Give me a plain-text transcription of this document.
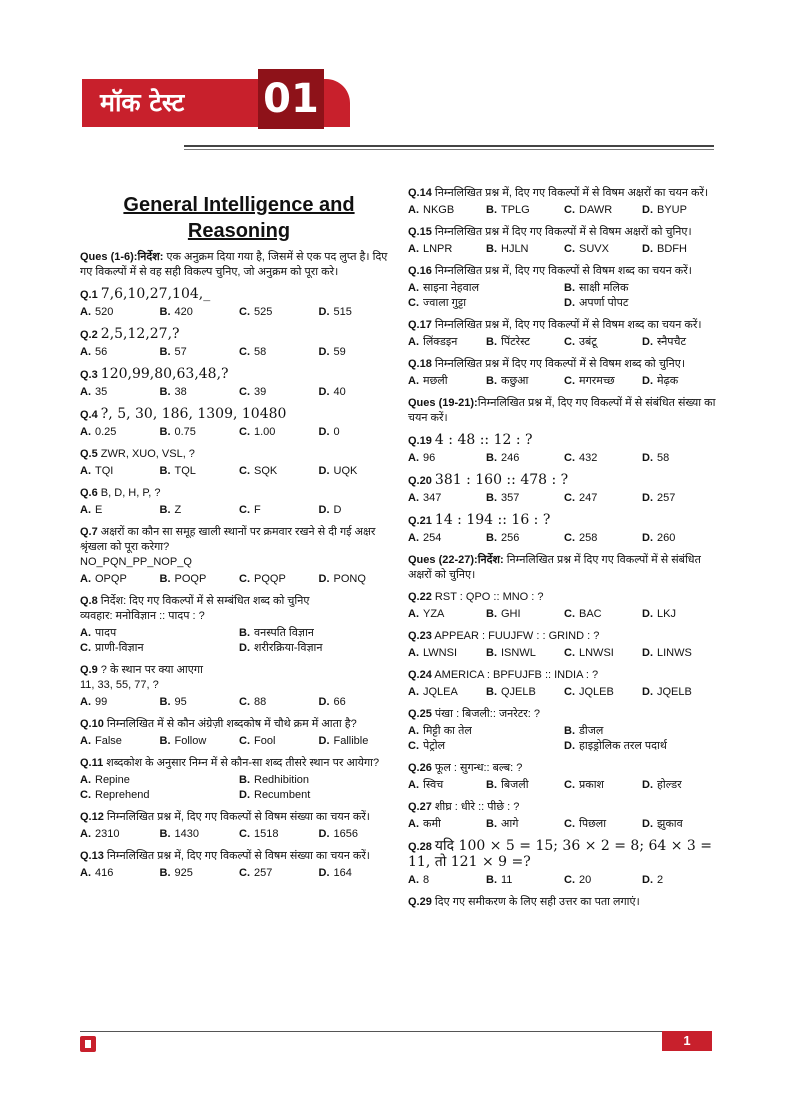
मॉक टेस्ट 01
General Intelligence and
Reasoning
Ques (1-6):निर्देश: एक अनुक्रम दिया गया है, जिसमें से एक पद लुप्त है। दिए गए विकल्पों में से वह सही विकल्प चुनिए, जो अनुक्रम को पूरा करे।
Q.1 7,6,10,27,104,_
A. 520	B. 420	C. 525	D. 515
Q.2 2,5,12,27,?
A. 56	B. 57	C. 58	D. 59
Q.3 120,99,80,63,48,?
A. 35	B. 38	C. 39	D. 40
Q.4 ?, 5, 30, 186, 1309, 10480
A. 0.25	B. 0.75	C. 1.00	D. 0
Q.5 ZWR, XUO, VSL, ?
A. TQI	B. TQL	C. SQK	D. UQK
Q.6 B, D, H, P, ?
A. E	B. Z	C. F	D. D
Q.7 अक्षरों का कौन सा समूह खाली स्थानों पर क्रमवार रखने से दी गई अक्षर श्रृंखला को पूरा करेगा?
NO_PQN_PP_NOP_Q
A. OPQP	B. POQP	C. PQQP	D. PONQ
Q.8 निर्देश: दिए गए विकल्पों में से सम्बंधित शब्द को चुनिए
व्यवहार: मनोविज्ञान :: पादप : ?
A. पादप	B. वनस्पति विज्ञान
C. प्राणी-विज्ञान	D. शरीरक्रिया-विज्ञान
Q.9 ? के स्थान पर क्या आएगा
11, 33, 55, 77, ?
A. 99	B. 95	C. 88	D. 66
Q.10 निम्नलिखित में से कौन अंग्रेज़ी शब्दकोष में चौथे क्रम में आता है?
A. False	B. Follow	C. Fool	D. Fallible
Q.11 शब्दकोश के अनुसार निम्न में से कौन-सा शब्द तीसरे स्थान पर आयेगा?
A. Repine	B. Redhibition
C. Reprehend	D. Recumbent
Q.12 निम्नलिखित प्रश्न में, दिए गए विकल्पों से विषम संख्या का चयन करें।
A. 2310	B. 1430	C. 1518	D. 1656
Q.13 निम्नलिखित प्रश्न में, दिए गए विकल्पों से विषम संख्या का चयन करें।
A. 416	B. 925	C. 257	D. 164
Q.14 निम्नलिखित प्रश्न में, दिए गए विकल्पों में से विषम अक्षरों का चयन करें।
A. NKGB	B. TPLG	C. DAWR	D. BYUP
Q.15 निम्नलिखित प्रश्न में दिए गए विकल्पों में से विषम अक्षरों को चुनिए।
A. LNPR	B. HJLN	C. SUVX	D. BDFH
Q.16 निम्नलिखित प्रश्न में, दिए गए विकल्पों से विषम शब्द का चयन करें।
A. साइना नेहवाल	B. साक्षी मलिक
C. ज्वाला गुट्टा	D. अपर्णा पोपट
Q.17 निम्नलिखित प्रश्न में, दिए गए विकल्पों में से विषम शब्द का चयन करें।
A. लिंक्डइन	B. पिंटरेस्ट	C. उबंटू	D. स्नैपचैट
Q.18 निम्नलिखित प्रश्न में दिए गए विकल्पों में से विषम शब्द को चुनिए।
A. मछली	B. कछुआ	C. मगरमच्छ	D. मेढ़क
Ques (19-21):निम्नलिखित प्रश्न में, दिए गए विकल्पों में से संबंधित संख्या का चयन करें।
Q.19 4 : 48 :: 12 : ?
A. 96	B. 246	C. 432	D. 58
Q.20 381 : 160 :: 478 : ?
A. 347	B. 357	C. 247	D. 257
Q.21 14 : 194 :: 16 : ?
A. 254	B. 256	C. 258	D. 260
Ques (22-27):निर्देश: निम्नलिखित प्रश्न में दिए गए विकल्पों में से संबंधित अक्षरों को चुनिए।
Q.22 RST : QPO :: MNO : ?
A. YZA	B. GHI	C. BAC	D. LKJ
Q.23 APPEAR : FUUJFW : : GRIND : ?
A. LWNSI	B. ISNWL	C. LNWSI	D. LINWS
Q.24 AMERICA : BPFUJFB :: INDIA : ?
A. JQLEA	B. QJELB	C. JQLEB	D. JQELB
Q.25 पंखा : बिजली:: जनरेटर: ?
A. मिट्टी का तेल	B. डीजल
C. पेट्रोल	D. हाइड्रोलिक तरल पदार्थ
Q.26 फूल : सुगन्ध:: बल्ब: ?
A. स्विच	B. बिजली	C. प्रकाश	D. होल्डर
Q.27 शीघ्र : धीरे :: पीछे : ?
A. कमी	B. आगे	C. पिछला	D. झुकाव
Q.28 यदि 100 × 5 = 15; 36 × 2 = 8; 64 × 3 = 11, तो 121 × 9 =?
A. 8	B. 11	C. 20	D. 2
Q.29 दिए गए समीकरण के लिए सही उत्तर का पता लगाएं।
1
